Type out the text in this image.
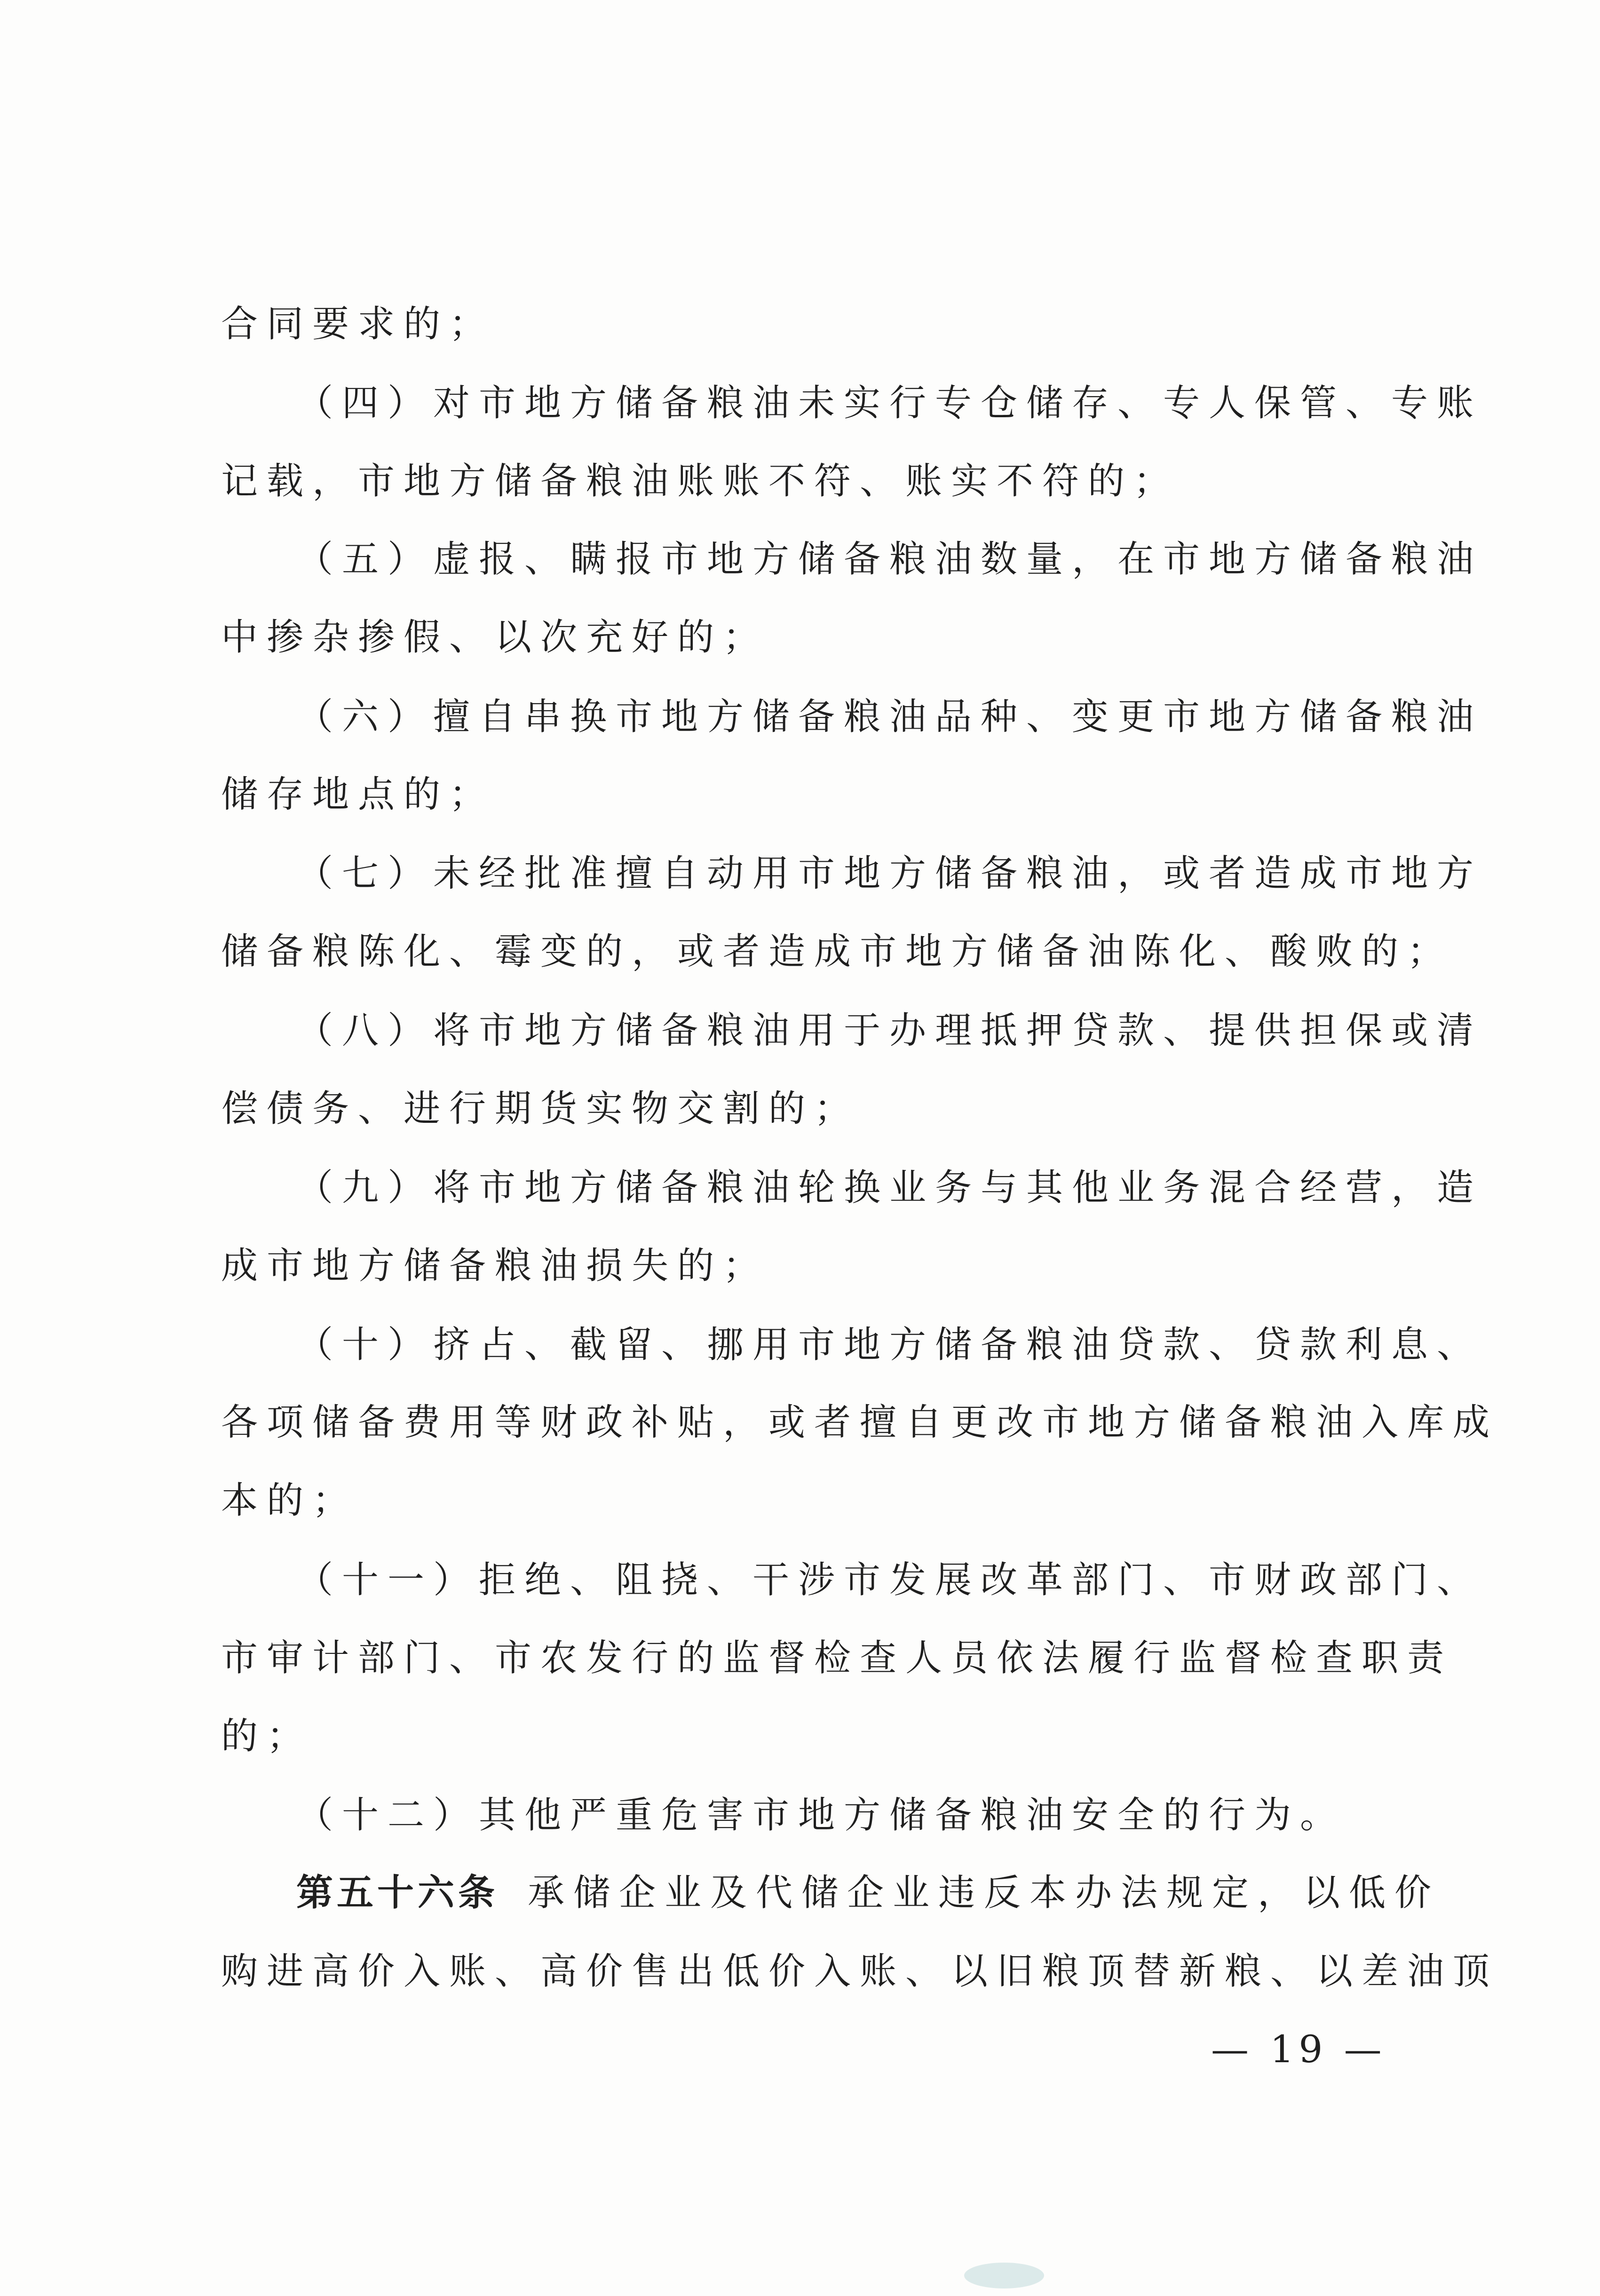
合同要求的；
（四）对市地方储备粮油未实行专仓储存、专人保管、专账
记载，市地方储备粮油账账不符、账实不符的；
（五）虚报、瞒报市地方储备粮油数量，在市地方储备粮油
中掺杂掺假、以次充好的；
（六）擅自串换市地方储备粮油品种、变更市地方储备粮油
储存地点的；
（七）未经批准擅自动用市地方储备粮油，或者造成市地方
储备粮陈化、霉变的，或者造成市地方储备油陈化、酸败的；
（八）将市地方储备粮油用于办理抵押贷款、提供担保或清
偿债务、进行期货实物交割的；
（九）将市地方储备粮油轮换业务与其他业务混合经营，造
成市地方储备粮油损失的；
（十）挤占、截留、挪用市地方储备粮油贷款、贷款利息、
各项储备费用等财政补贴，或者擅自更改市地方储备粮油入库成
本的；
（十一）拒绝、阻挠、干涉市发展改革部门、市财政部门、
市审计部门、市农发行的监督检查人员依法履行监督检查职责
的；
（十二）其他严重危害市地方储备粮油安全的行为。
第五十六条 承储企业及代储企业违反本办法规定，以低价
购进高价入账、高价售出低价入账、以旧粮顶替新粮、以差油顶
— 19 —
